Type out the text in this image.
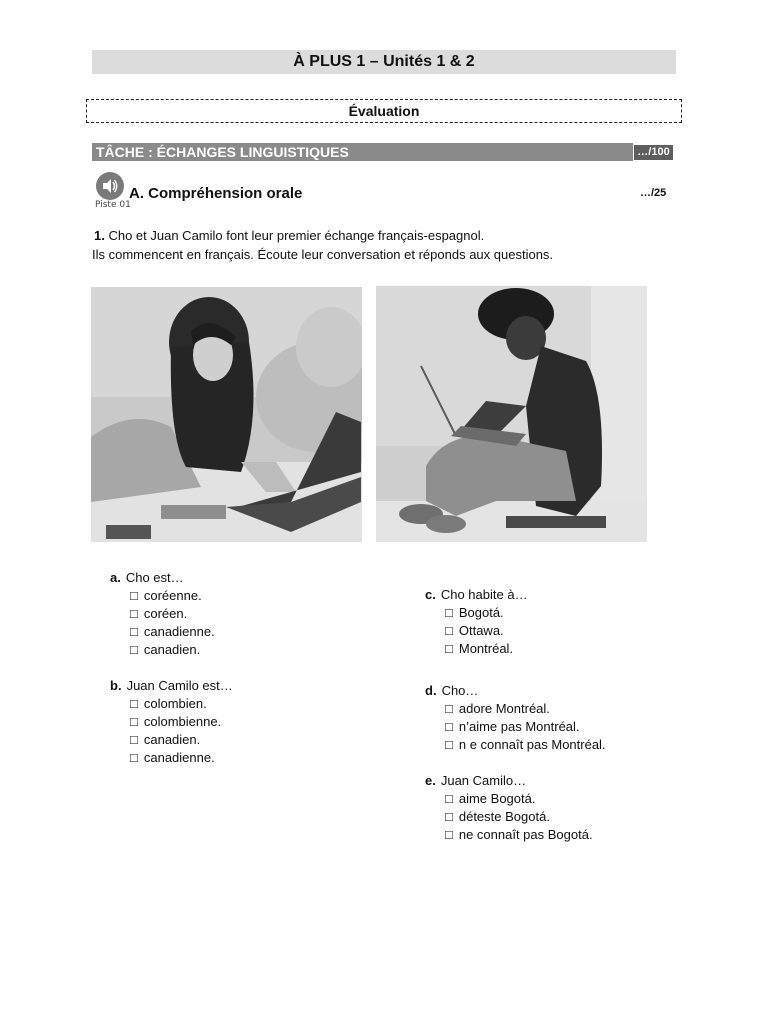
À PLUS 1 – Unités 1 & 2
Évaluation
TÂCHE : ÉCHANGES LINGUISTIQUES	…/100
Piste 01
A. Compréhension orale	…/25
1. Cho et Juan Camilo font leur premier échange français-espagnol.
Ils commencent en français. Écoute leur conversation et réponds aux questions.
a. Cho est…
□ coréenne.
□ coréen.
□ canadienne.
□ canadien.
b. Juan Camilo est…
□ colombien.
□ colombienne.
□ canadien.
□ canadienne.
c. Cho habite à…
□ Bogotá.
□ Ottawa.
□ Montréal.
d. Cho…
□ adore Montréal.
□ n’aime pas Montréal.
□ n e connaît pas Montréal.
e. Juan Camilo…
□ aime Bogotá.
□ déteste Bogotá.
□ ne connaît pas Bogotá.
